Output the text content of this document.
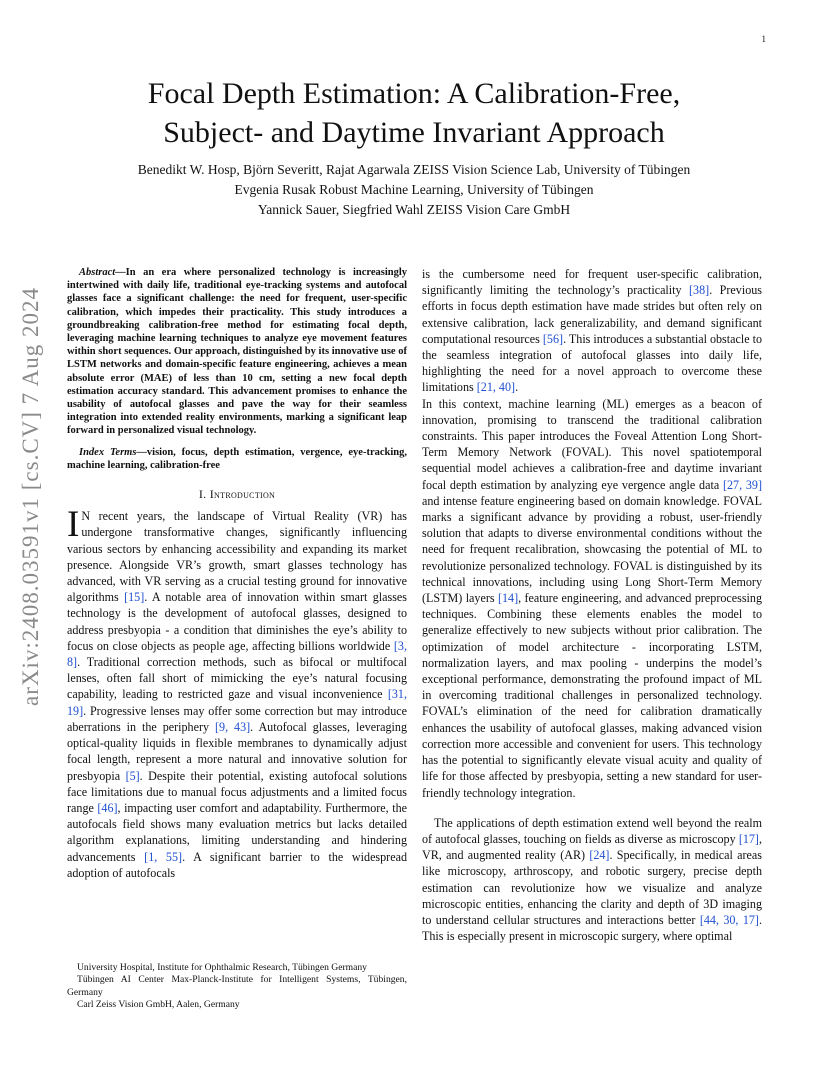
1
arXiv:2408.03591v1 [cs.CV] 7 Aug 2024
Focal Depth Estimation: A Calibration-Free,
Subject- and Daytime Invariant Approach
Benedikt W. Hosp, Björn Severitt, Rajat Agarwala ZEISS Vision Science Lab, University of Tübingen
Evgenia Rusak Robust Machine Learning, University of Tübingen
Yannick Sauer, Siegfried Wahl ZEISS Vision Care GmbH

Abstract—In an era where personalized technology is increasingly intertwined with daily life, traditional eye-tracking systems and autofocal glasses face a significant challenge: the need for frequent, user-specific calibration, which impedes their practicality. This study introduces a groundbreaking calibration-free method for estimating focal depth, leveraging machine learning techniques to analyze eye movement features within short sequences. Our approach, distinguished by its innovative use of LSTM networks and domain-specific feature engineering, achieves a mean absolute error (MAE) of less than 10 cm, setting a new focal depth estimation accuracy standard. This advancement promises to enhance the usability of autofocal glasses and pave the way for their seamless integration into extended reality environments, marking a significant leap forward in personalized visual technology.

Index Terms—vision, focus, depth estimation, vergence, eye-tracking, machine learning, calibration-free

I. Introduction

I N recent years, the landscape of Virtual Reality (VR) has undergone transformative changes, significantly influencing various sectors by enhancing accessibility and expanding its market presence. Alongside VR’s growth, smart glasses technology has advanced, with VR serving as a crucial testing ground for innovative algorithms [15]. A notable area of innovation within smart glasses technology is the development of autofocal glasses, designed to address presbyopia - a condition that diminishes the eye’s ability to focus on close objects as people age, affecting billions worldwide [3, 8]. Traditional correction methods, such as bifocal or multifocal lenses, often fall short of mimicking the eye’s natural focusing capability, leading to restricted gaze and visual inconvenience [31, 19]. Progressive lenses may offer some correction but may introduce aberrations in the periphery [9, 43]. Autofocal glasses, leveraging optical-quality liquids in flexible membranes to dynamically adjust focal length, represent a more natural and innovative solution for presbyopia [5]. Despite their potential, existing autofocal solutions face limitations due to manual focus adjustments and a limited focus range [46], impacting user comfort and adaptability. Furthermore, the autofocals field shows many evaluation metrics but lacks detailed algorithm explanations, limiting understanding and hindering advancements [1, 55]. A significant barrier to the widespread adoption of autofocals

University Hospital, Institute for Ophthalmic Research, Tübingen Germany
Tübingen AI Center Max-Planck-Institute for Intelligent Systems, Tübingen, Germany
Carl Zeiss Vision GmbH, Aalen, Germany

is the cumbersome need for frequent user-specific calibration, significantly limiting the technology’s practicality [38]. Previous efforts in focus depth estimation have made strides but often rely on extensive calibration, lack generalizability, and demand significant computational resources [56]. This introduces a substantial obstacle to the seamless integration of autofocal glasses into daily life, highlighting the need for a novel approach to overcome these limitations [21, 40].

In this context, machine learning (ML) emerges as a beacon of innovation, promising to transcend the traditional calibration constraints. This paper introduces the Foveal Attention Long Short-Term Memory Network (FOVAL). This novel spatiotemporal sequential model achieves a calibration-free and daytime invariant focal depth estimation by analyzing eye vergence angle data [27, 39] and intense feature engineering based on domain knowledge. FOVAL marks a significant advance by providing a robust, user-friendly solution that adapts to diverse environmental conditions without the need for frequent recalibration, showcasing the potential of ML to revolutionize personalized technology. FOVAL is distinguished by its technical innovations, including using Long Short-Term Memory (LSTM) layers [14], feature engineering, and advanced preprocessing techniques. Combining these elements enables the model to generalize effectively to new subjects without prior calibration. The optimization of model architecture - incorporating LSTM, normalization layers, and max pooling - underpins the model’s exceptional performance, demonstrating the profound impact of ML in overcoming traditional challenges in personalized technology. FOVAL’s elimination of the need for calibration dramatically enhances the usability of autofocal glasses, making advanced vision correction more accessible and convenient for users. This technology has the potential to significantly elevate visual acuity and quality of life for those affected by presbyopia, setting a new standard for user-friendly technology integration.

The applications of depth estimation extend well beyond the realm of autofocal glasses, touching on fields as diverse as microscopy [17], VR, and augmented reality (AR) [24]. Specifically, in medical areas like microscopy, arthroscopy, and robotic surgery, precise depth estimation can revolutionize how we visualize and analyze microscopic entities, enhancing the clarity and depth of 3D imaging to understand cellular structures and interactions better [44, 30, 17]. This is especially present in microscopic surgery, where optimal
